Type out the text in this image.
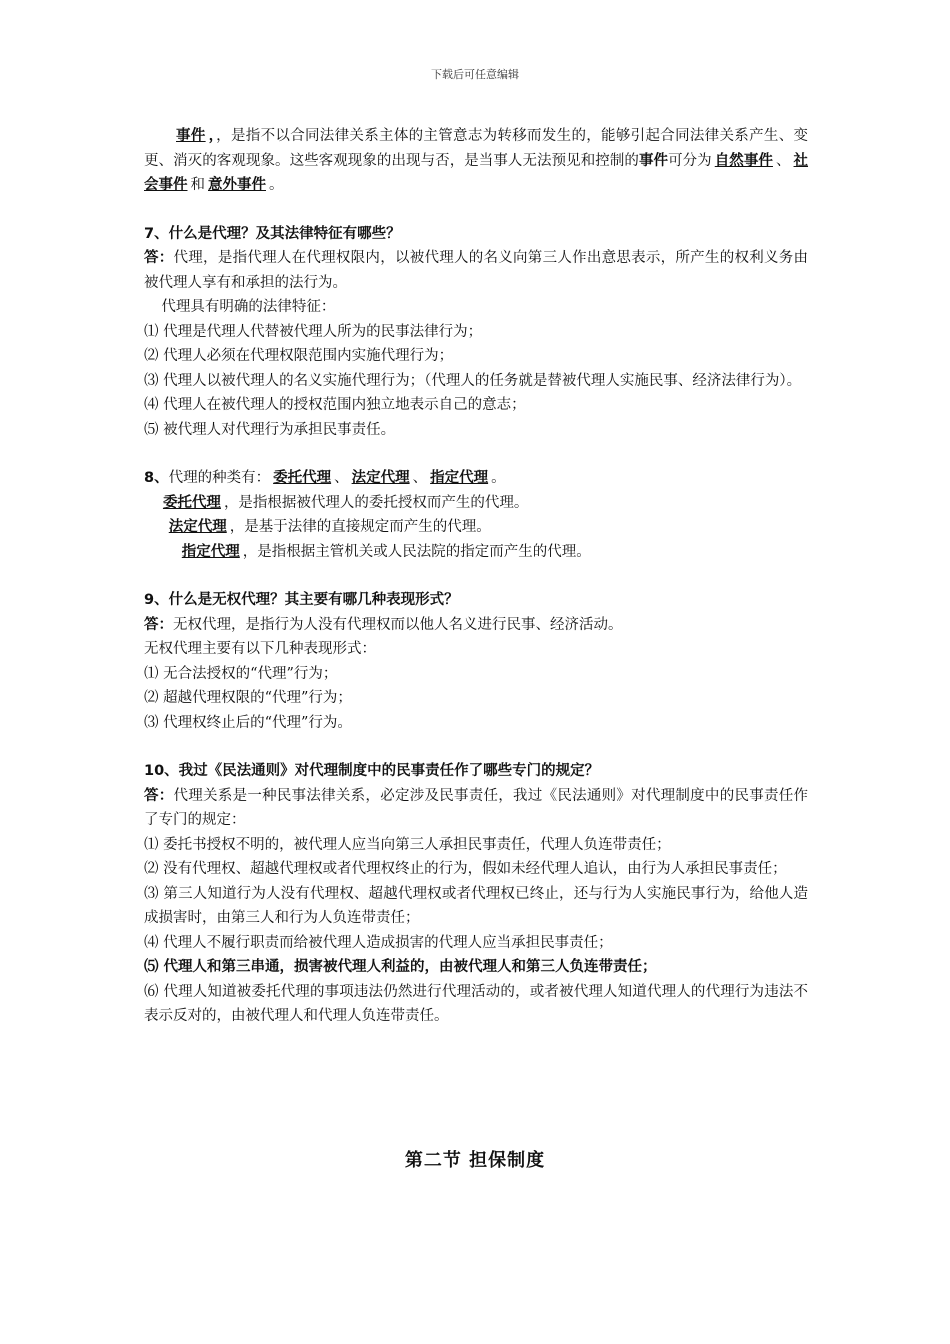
下载后可任意编辑

事件 ，，是指不以合同法律关系主体的主管意志为转移而发生的，能够引起合同法律关系产生、变更、消灭的客观现象。这些客观现象的出现与否，是当事人无法预见和控制的事件可分为 自然事件 、 社会事件 和 意外事件 。

7、什么是代理？及其法律特征有哪些？

答：代理，是指代理人在代理权限内，以被代理人的名义向第三人作出意思表示，所产生的权利义务由被代理人享有和承担的法行为。

代理具有明确的法律特征：

⑴ 代理是代理人代替被代理人所为的民事法律行为；

⑵ 代理人必须在代理权限范围内实施代理行为；

⑶ 代理人以被代理人的名义实施代理行为；（代理人的任务就是替被代理人实施民事、经济法律行为）。

⑷ 代理人在被代理人的授权范围内独立地表示自己的意志；

⑸ 被代理人对代理行为承担民事责任。

8、代理的种类有： 委托代理 、 法定代理 、 指定代理 。

委托代理 ，是指根据被代理人的委托授权而产生的代理。

法定代理 ，是基于法律的直接规定而产生的代理。

指定代理 ，是指根据主管机关或人民法院的指定而产生的代理。

9、什么是无权代理？其主要有哪几种表现形式？

答：无权代理，是指行为人没有代理权而以他人名义进行民事、经济活动。

无权代理主要有以下几种表现形式：

⑴ 无合法授权的“代理”行为；

⑵ 超越代理权限的“代理”行为；

⑶ 代理权终止后的“代理”行为。

10、我过《民法通则》对代理制度中的民事责任作了哪些专门的规定？

答：代理关系是一种民事法律关系，必定涉及民事责任，我过《民法通则》对代理制度中的民事责任作了专门的规定：

⑴ 委托书授权不明的，被代理人应当向第三人承担民事责任，代理人负连带责任；

⑵ 没有代理权、超越代理权或者代理权终止的行为，假如未经代理人追认，由行为人承担民事责任；

⑶ 第三人知道行为人没有代理权、超越代理权或者代理权已终止，还与行为人实施民事行为，给他人造成损害时，由第三人和行为人负连带责任；

⑷ 代理人不履行职责而给被代理人造成损害的代理人应当承担民事责任；

⑸ 代理人和第三串通，损害被代理人利益的，由被代理人和第三人负连带责任；

⑹ 代理人知道被委托代理的事项违法仍然进行代理活动的，或者被代理人知道代理人的代理行为违法不表示反对的，由被代理人和代理人负连带责任。

第二节 担保制度
